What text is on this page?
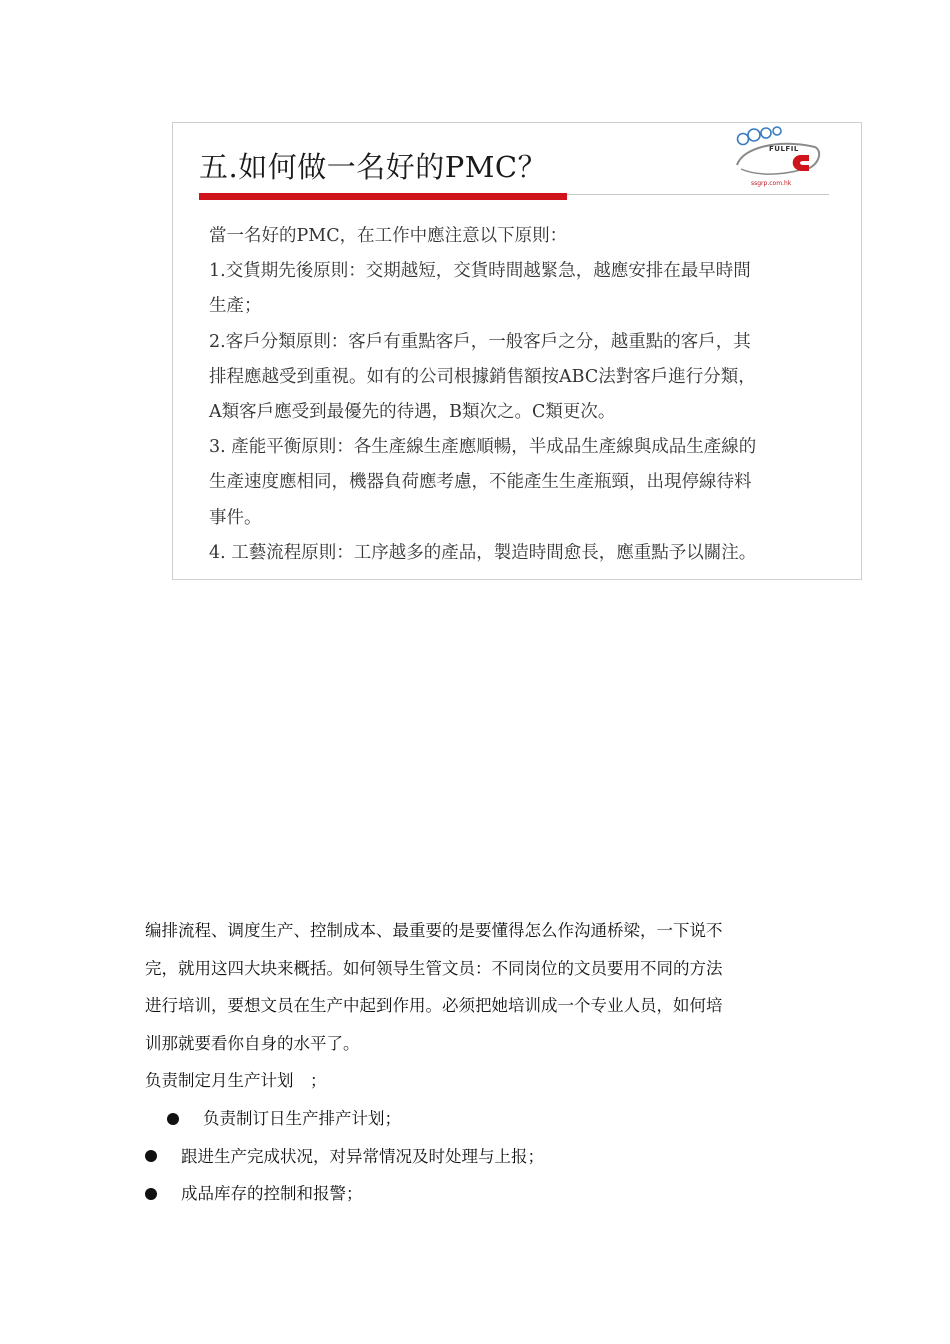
五.如何做一名好的PMC？
FULFIL
ssgrp.com.hk

當一名好的PMC，在工作中應注意以下原則：

1.交貨期先後原則：交期越短，交貨時間越緊急，越應安排在最早時間

生產；

2.客戶分類原則：客戶有重點客戶，一般客戶之分，越重點的客戶，其

排程應越受到重視。如有的公司根據銷售額按ABC法對客戶進行分類，

A類客戶應受到最優先的待遇，B類次之。C類更次。

3. 產能平衡原則：各生產線生產應順暢，半成品生產線與成品生產線的

生產速度應相同，機器負荷應考慮，不能產生生產瓶頸，出現停線待料

事件。

4. 工藝流程原則：工序越多的產品，製造時間愈長，應重點予以關注。

编排流程、调度生产、控制成本、最重要的是要懂得怎么作沟通桥梁，一下说不

完，就用这四大块来概括。如何领导生管文员：不同岗位的文员要用不同的方法

进行培训，要想文员在生产中起到作用。必须把她培训成一个专业人员，如何培

训那就要看你自身的水平了。

负责制定月生产计划　；

负责制订日生产排产计划；
跟进生产完成状况，对异常情况及时处理与上报；
成品库存的控制和报警；
